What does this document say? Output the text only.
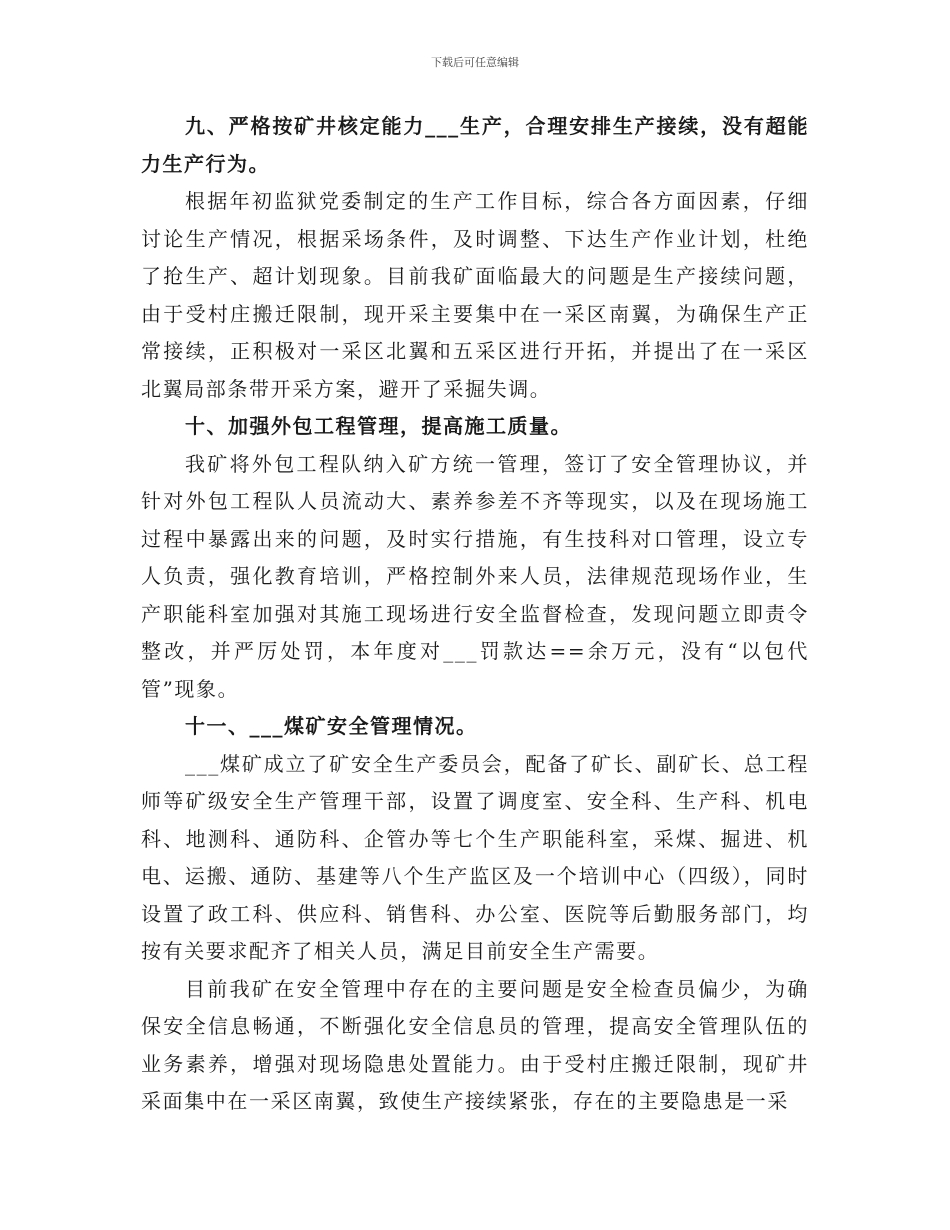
下载后可任意编辑

九、严格按矿井核定能力___生产，合理安排生产接续，没有超能力生产行为。

根据年初监狱党委制定的生产工作目标，综合各方面因素，仔细讨论生产情况，根据采场条件，及时调整、下达生产作业计划，杜绝了抢生产、超计划现象。目前我矿面临最大的问题是生产接续问题，由于受村庄搬迁限制，现开采主要集中在一采区南翼，为确保生产正常接续，正积极对一采区北翼和五采区进行开拓，并提出了在一采区北翼局部条带开采方案，避开了采掘失调。

十、加强外包工程管理，提高施工质量。

我矿将外包工程队纳入矿方统一管理，签订了安全管理协议，并针对外包工程队人员流动大、素养参差不齐等现实，以及在现场施工过程中暴露出来的问题，及时实行措施，有生技科对口管理，设立专人负责，强化教育培训，严格控制外来人员，法律规范现场作业，生产职能科室加强对其施工现场进行安全监督检查，发现问题立即责令整改，并严厉处罚，本年度对___罚款达==余万元，没有“以包代管”现象。

十一、___煤矿安全管理情况。

___煤矿成立了矿安全生产委员会，配备了矿长、副矿长、总工程师等矿级安全生产管理干部，设置了调度室、安全科、生产科、机电科、地测科、通防科、企管办等七个生产职能科室，采煤、掘进、机电、运搬、通防、基建等八个生产监区及一个培训中心（四级），同时设置了政工科、供应科、销售科、办公室、医院等后勤服务部门，均按有关要求配齐了相关人员，满足目前安全生产需要。

目前我矿在安全管理中存在的主要问题是安全检查员偏少，为确保安全信息畅通，不断强化安全信息员的管理，提高安全管理队伍的业务素养，增强对现场隐患处置能力。由于受村庄搬迁限制，现矿井采面集中在一采区南翼，致使生产接续紧张，存在的主要隐患是一采
